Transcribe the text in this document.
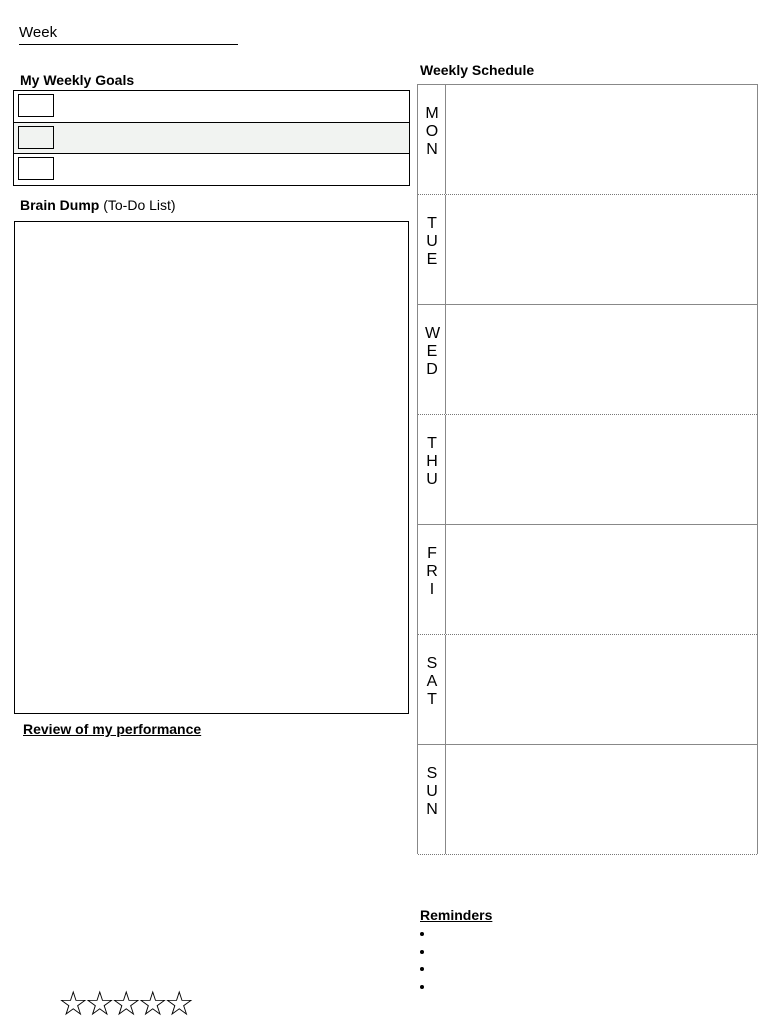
Week
My Weekly Goals
Brain Dump (To-Do List)
Review of my performance
☆☆☆☆☆
Weekly Schedule
MON
TUE
WED
THU
FRI
SAT
SUN
Reminders
